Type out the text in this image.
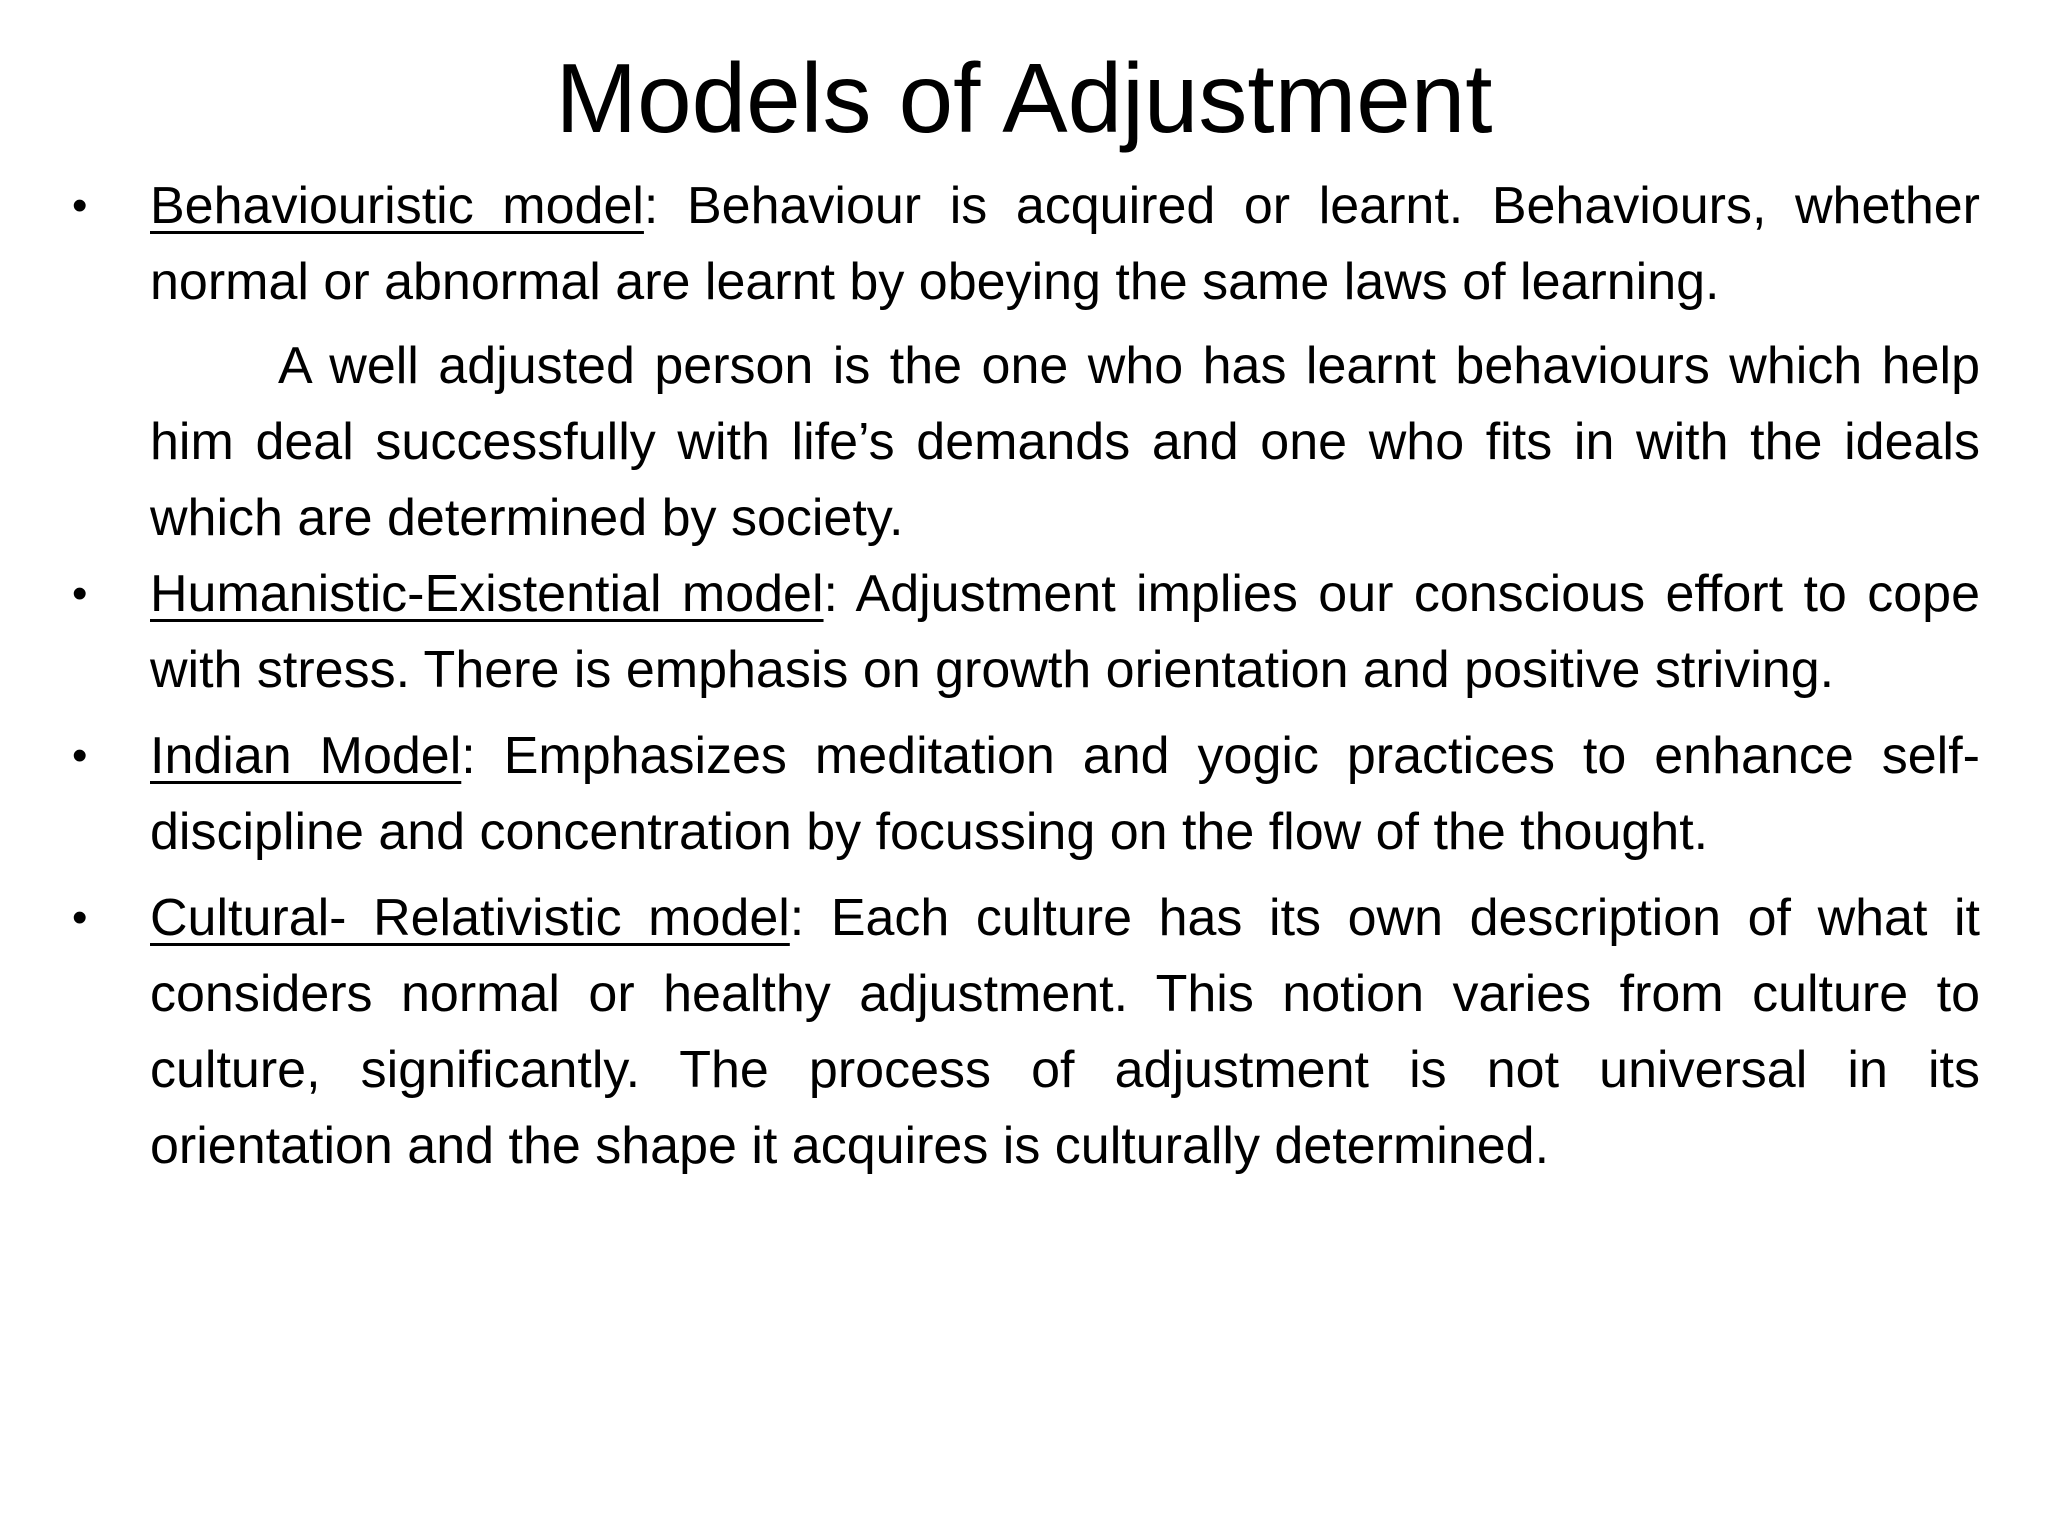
Models of Adjustment

•	Behaviouristic model: Behaviour is acquired or learnt. Behaviours, whether normal or abnormal are learnt by obeying the same laws of learning.

A well adjusted person is the one who has learnt behaviours which help him deal successfully with life’s demands and one who fits in with the ideals which are determined by society.

•	Humanistic-Existential model: Adjustment implies our conscious effort to cope with stress. There is emphasis on growth orientation and positive striving.

•	Indian Model: Emphasizes meditation and yogic practices to enhance self-discipline and concentration by focussing on the flow of the thought.

•	Cultural- Relativistic model: Each culture has its own description of what it considers normal or healthy adjustment. This notion varies from culture to culture, significantly. The process of adjustment is not universal in its orientation and the shape it acquires is culturally determined.
